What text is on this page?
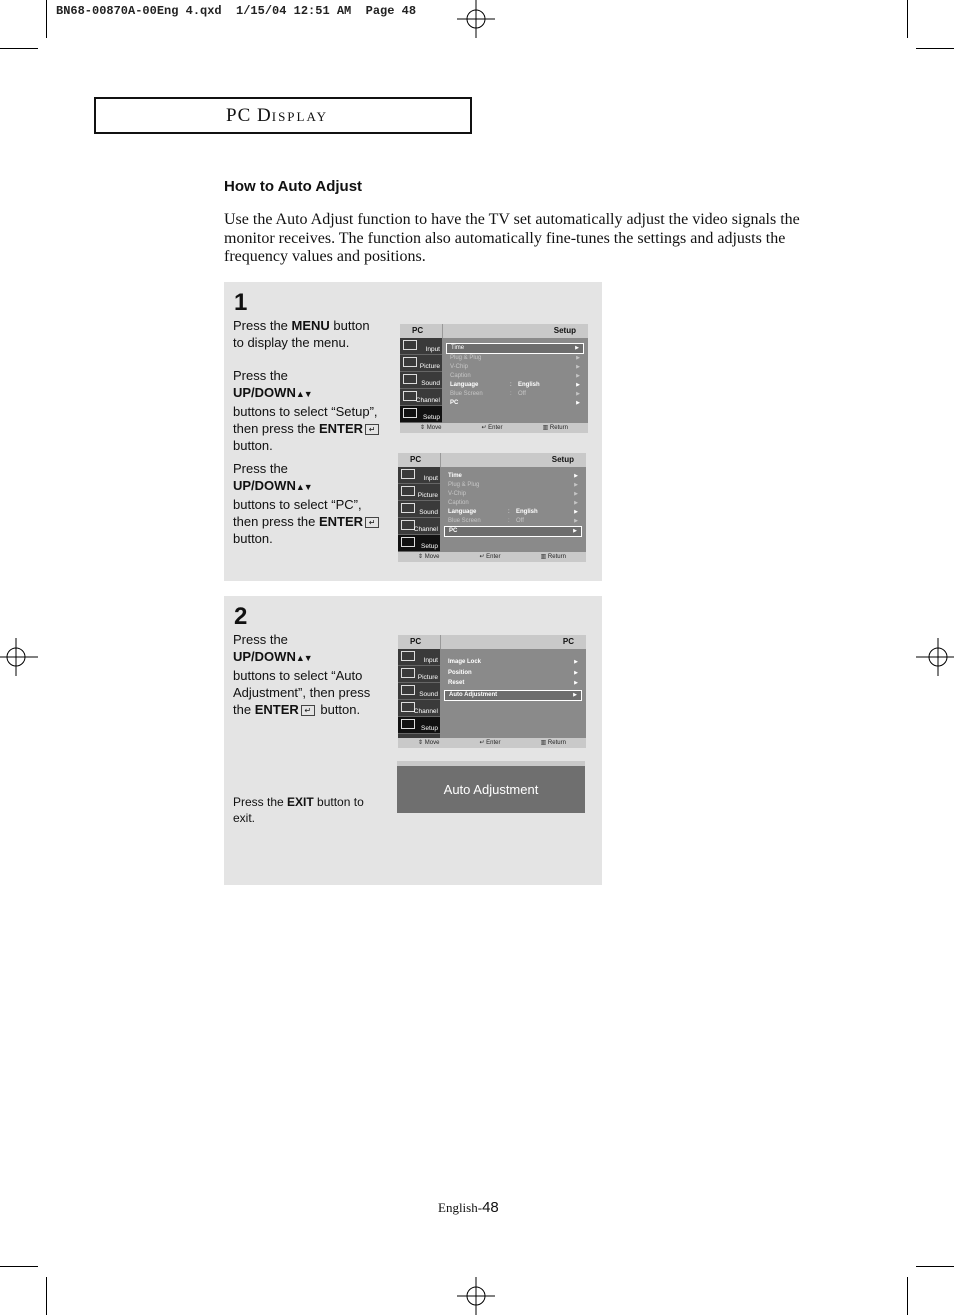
BN68-00870A-00Eng 4.qxd  1/15/04 12:51 AM  Page 48
PC DISPLAY
How to Auto Adjust

Use the Auto Adjust function to have the TV set automatically adjust the video signals the monitor receives. The function also automatically fine-tunes the settings and adjusts the frequency values and positions.

1

Press the MENU button to display the menu.

Press the
UP/DOWN▲▼
buttons to select “Setup”, then press the ENTER ↵ button.

Press the
UP/DOWN▲▼
buttons to select “PC”, then press the ENTER ↵ button.

PC	Setup
Input
Picture
Sound
Channel
Setup
Time	▶
Plug & Plug	▶
V-Chip	▶
Caption	▶
Language	:	English	▶
Blue Screen	:	Off	▶
PC	▶
⇕ Move	↵ Enter	▥ Return
PC	Setup
Input
Picture
Sound
Channel
Setup
Time	▶
Plug & Plug	▶
V-Chip	▶
Caption	▶
Language	:	English	▶
Blue Screen	:	Off	▶
PC	▶
⇕ Move	↵ Enter	▥ Return
2

Press the
UP/DOWN▲▼
buttons to select “Auto Adjustment”, then press the ENTER ↵ button.

Press the EXIT button to exit.

PC	PC
Input
Picture
Sound
Channel
Setup
Image Lock	▶
Position	▶
Reset	▶
Auto Adjustment	▶
⇕ Move	↵ Enter	▥ Return
Auto Adjustment
English-48
